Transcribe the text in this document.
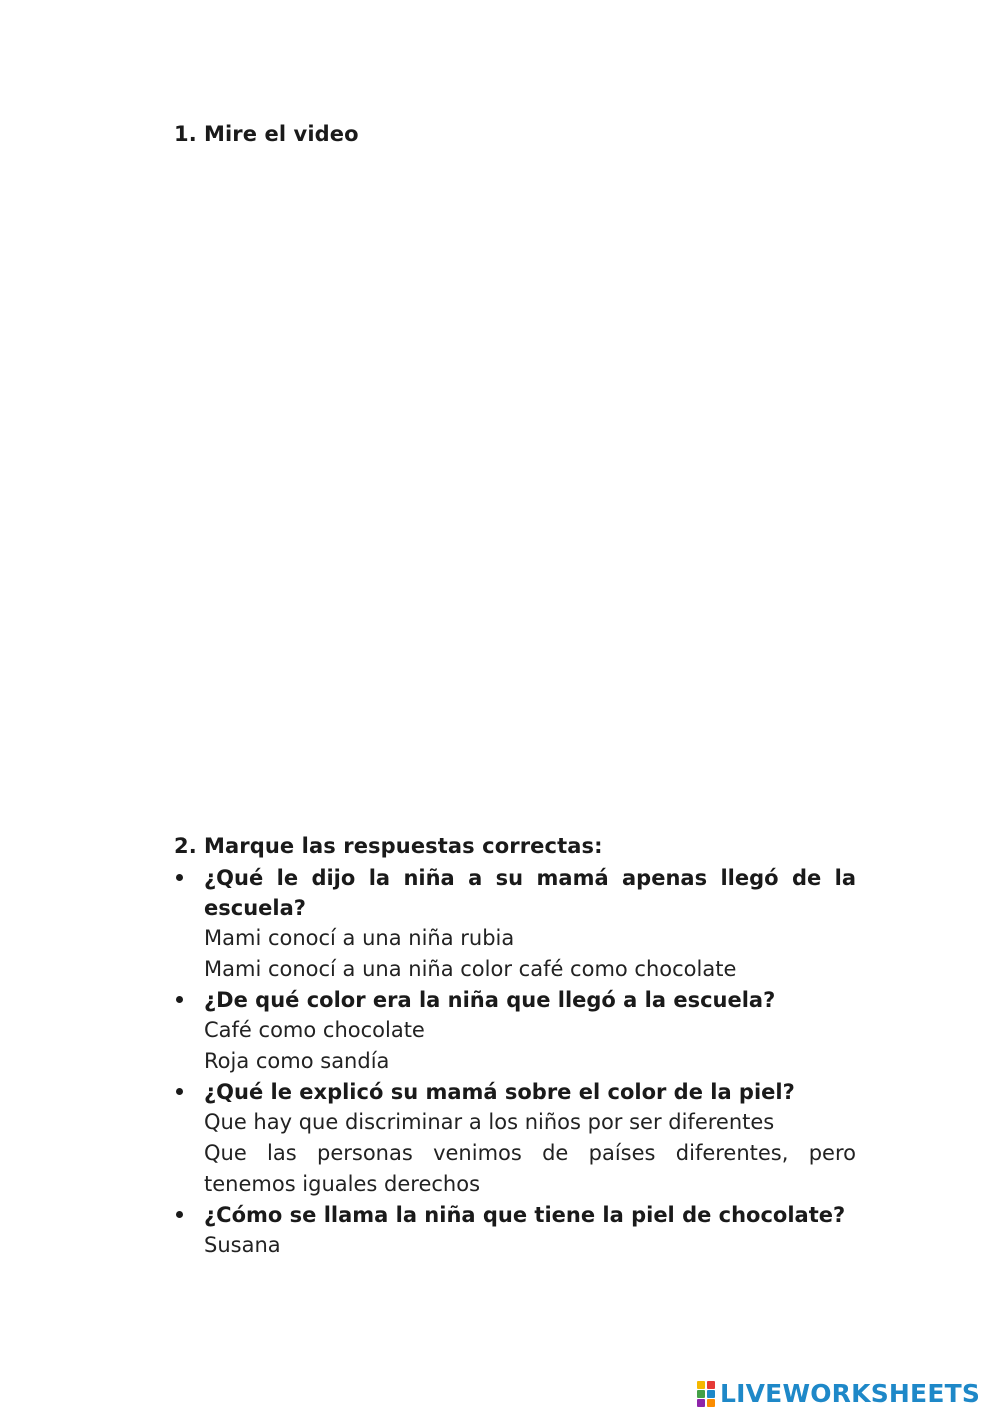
1. Mire el video
2. Marque las respuestas correctas:
¿Qué le dijo la niña a su mamá apenas llegó de la escuela?
Mami conocí a una niña rubia
Mami conocí a una niña color café como chocolate
¿De qué color era la niña que llegó a la escuela?
Café como chocolate
Roja como sandía
¿Qué le explicó su mamá sobre el color de la piel?
Que hay que discriminar a los niños por ser diferentes
Que las personas venimos de países diferentes, pero tenemos iguales derechos
¿Cómo se llama la niña que tiene la piel de chocolate?
Susana
LIVEWORKSHEETS
